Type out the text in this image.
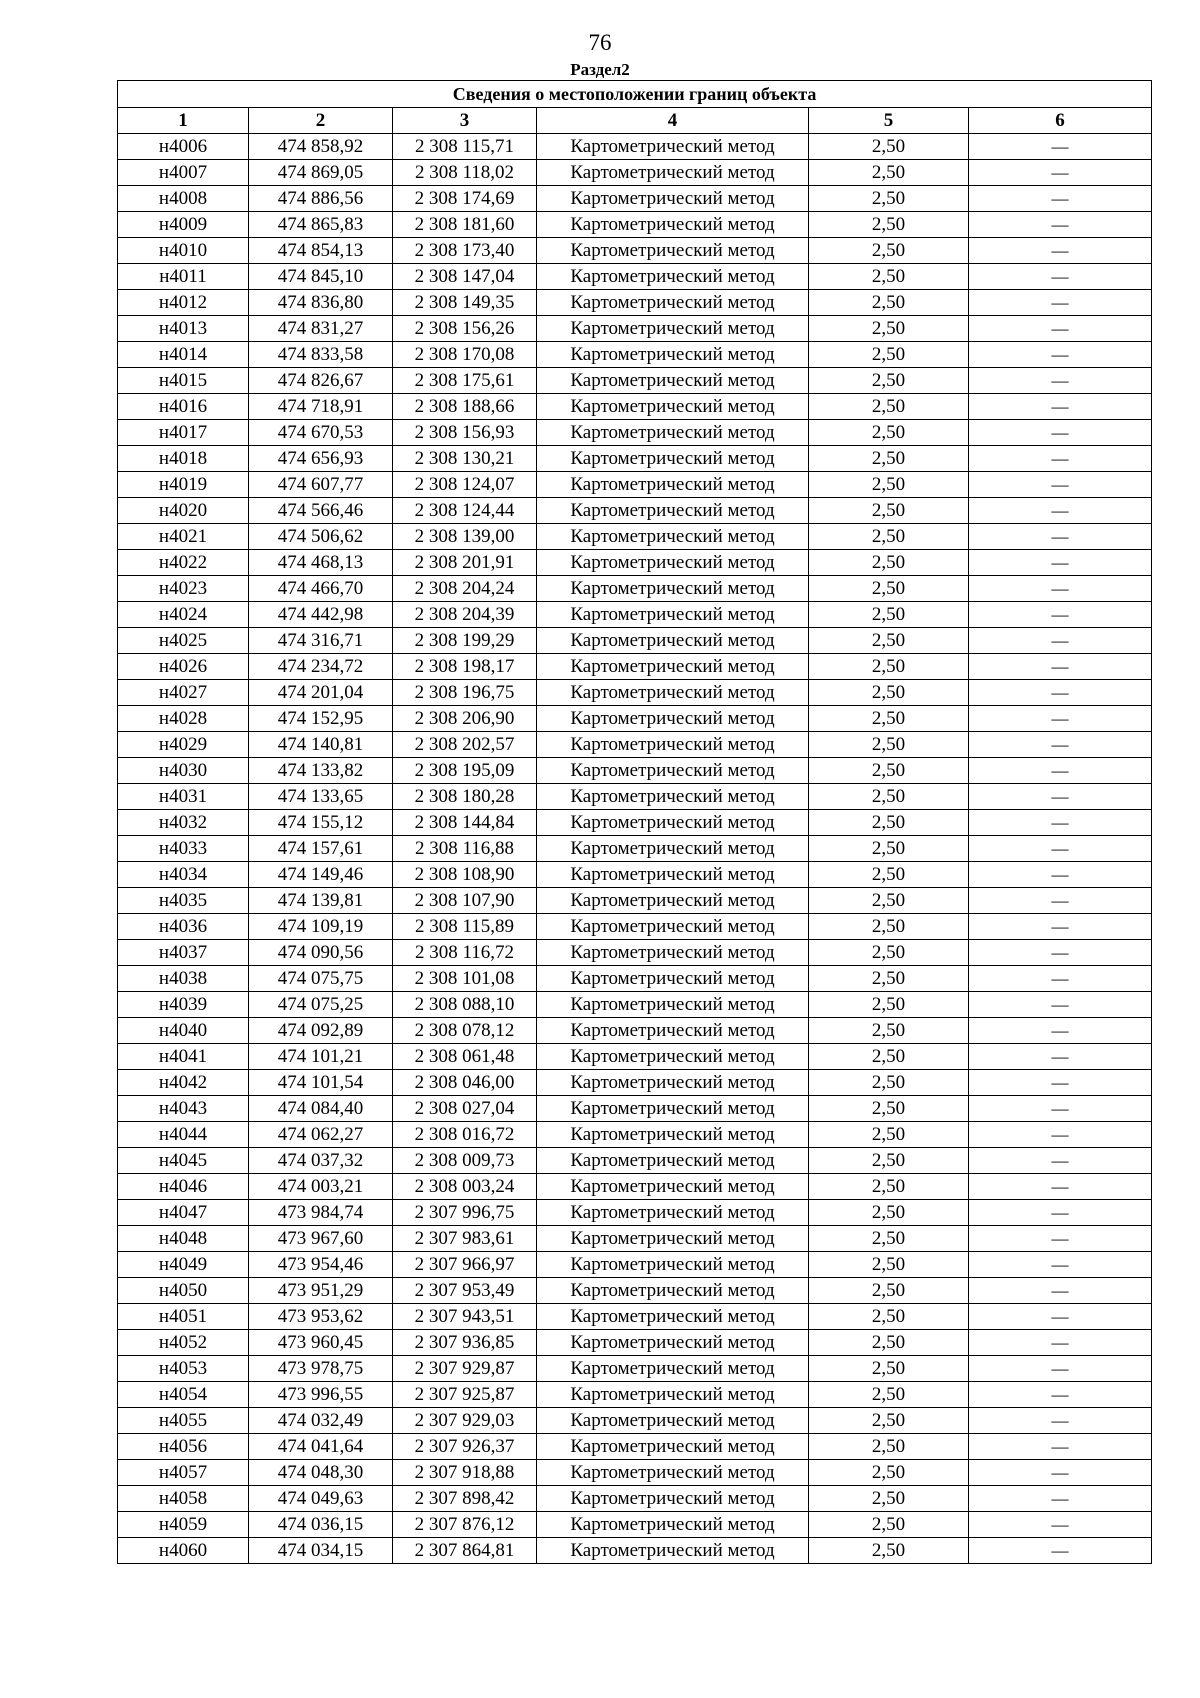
76
Раздел2
Сведения о местоположении границ объекта					
1	2	3	4	5	6
н4006	474 858,92	2 308 115,71	Картометрический метод	2,50	—
н4007	474 869,05	2 308 118,02	Картометрический метод	2,50	—
н4008	474 886,56	2 308 174,69	Картометрический метод	2,50	—
н4009	474 865,83	2 308 181,60	Картометрический метод	2,50	—
н4010	474 854,13	2 308 173,40	Картометрический метод	2,50	—
н4011	474 845,10	2 308 147,04	Картометрический метод	2,50	—
н4012	474 836,80	2 308 149,35	Картометрический метод	2,50	—
н4013	474 831,27	2 308 156,26	Картометрический метод	2,50	—
н4014	474 833,58	2 308 170,08	Картометрический метод	2,50	—
н4015	474 826,67	2 308 175,61	Картометрический метод	2,50	—
н4016	474 718,91	2 308 188,66	Картометрический метод	2,50	—
н4017	474 670,53	2 308 156,93	Картометрический метод	2,50	—
н4018	474 656,93	2 308 130,21	Картометрический метод	2,50	—
н4019	474 607,77	2 308 124,07	Картометрический метод	2,50	—
н4020	474 566,46	2 308 124,44	Картометрический метод	2,50	—
н4021	474 506,62	2 308 139,00	Картометрический метод	2,50	—
н4022	474 468,13	2 308 201,91	Картометрический метод	2,50	—
н4023	474 466,70	2 308 204,24	Картометрический метод	2,50	—
н4024	474 442,98	2 308 204,39	Картометрический метод	2,50	—
н4025	474 316,71	2 308 199,29	Картометрический метод	2,50	—
н4026	474 234,72	2 308 198,17	Картометрический метод	2,50	—
н4027	474 201,04	2 308 196,75	Картометрический метод	2,50	—
н4028	474 152,95	2 308 206,90	Картометрический метод	2,50	—
н4029	474 140,81	2 308 202,57	Картометрический метод	2,50	—
н4030	474 133,82	2 308 195,09	Картометрический метод	2,50	—
н4031	474 133,65	2 308 180,28	Картометрический метод	2,50	—
н4032	474 155,12	2 308 144,84	Картометрический метод	2,50	—
н4033	474 157,61	2 308 116,88	Картометрический метод	2,50	—
н4034	474 149,46	2 308 108,90	Картометрический метод	2,50	—
н4035	474 139,81	2 308 107,90	Картометрический метод	2,50	—
н4036	474 109,19	2 308 115,89	Картометрический метод	2,50	—
н4037	474 090,56	2 308 116,72	Картометрический метод	2,50	—
н4038	474 075,75	2 308 101,08	Картометрический метод	2,50	—
н4039	474 075,25	2 308 088,10	Картометрический метод	2,50	—
н4040	474 092,89	2 308 078,12	Картометрический метод	2,50	—
н4041	474 101,21	2 308 061,48	Картометрический метод	2,50	—
н4042	474 101,54	2 308 046,00	Картометрический метод	2,50	—
н4043	474 084,40	2 308 027,04	Картометрический метод	2,50	—
н4044	474 062,27	2 308 016,72	Картометрический метод	2,50	—
н4045	474 037,32	2 308 009,73	Картометрический метод	2,50	—
н4046	474 003,21	2 308 003,24	Картометрический метод	2,50	—
н4047	473 984,74	2 307 996,75	Картометрический метод	2,50	—
н4048	473 967,60	2 307 983,61	Картометрический метод	2,50	—
н4049	473 954,46	2 307 966,97	Картометрический метод	2,50	—
н4050	473 951,29	2 307 953,49	Картометрический метод	2,50	—
н4051	473 953,62	2 307 943,51	Картометрический метод	2,50	—
н4052	473 960,45	2 307 936,85	Картометрический метод	2,50	—
н4053	473 978,75	2 307 929,87	Картометрический метод	2,50	—
н4054	473 996,55	2 307 925,87	Картометрический метод	2,50	—
н4055	474 032,49	2 307 929,03	Картометрический метод	2,50	—
н4056	474 041,64	2 307 926,37	Картометрический метод	2,50	—
н4057	474 048,30	2 307 918,88	Картометрический метод	2,50	—
н4058	474 049,63	2 307 898,42	Картометрический метод	2,50	—
н4059	474 036,15	2 307 876,12	Картометрический метод	2,50	—
н4060	474 034,15	2 307 864,81	Картометрический метод	2,50	—
